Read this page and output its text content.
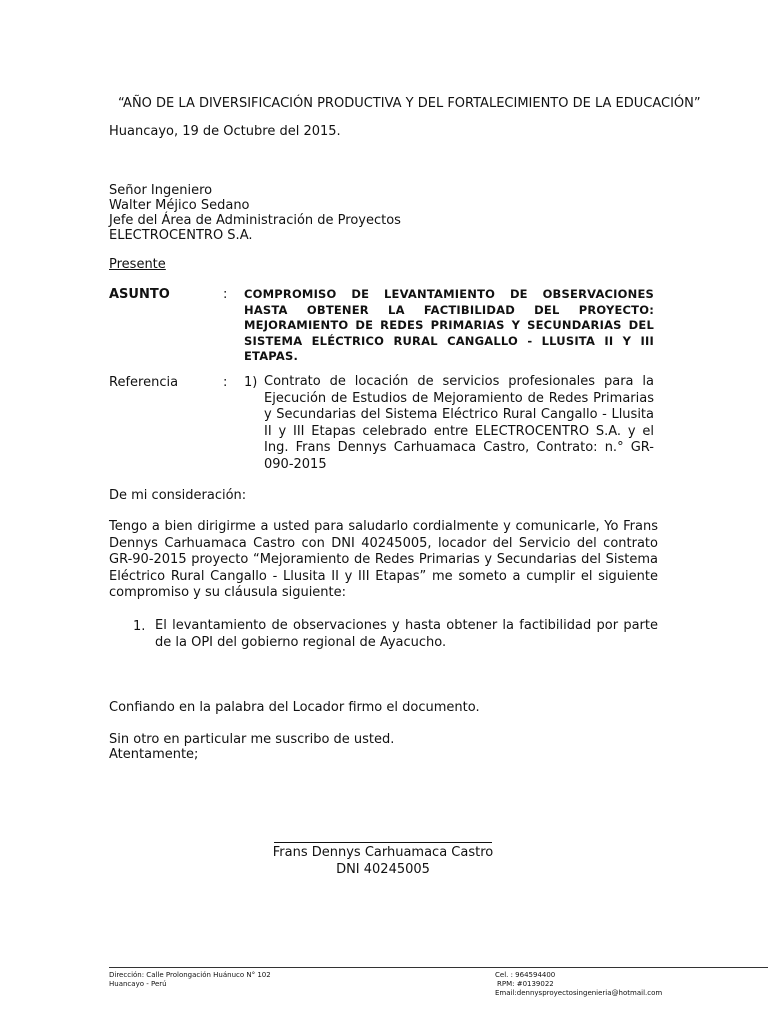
“AÑO DE LA DIVERSIFICACIÓN PRODUCTIVA Y DEL FORTALECIMIENTO DE LA EDUCACIÓN”
Huancayo, 19 de Octubre del 2015.
Señor Ingeniero
Walter Méjico Sedano
Jefe del Área de Administración de Proyectos
ELECTROCENTRO S.A.
Presente
ASUNTO	: COMPROMISO DE LEVANTAMIENTO DE OBSERVACIONES HASTA OBTENER LA FACTIBILIDAD DEL PROYECTO: MEJORAMIENTO DE REDES PRIMARIAS Y SECUNDARIAS DEL SISTEMA ELÉCTRICO RURAL CANGALLO - LLUSITA II Y III ETAPAS.
Referencia	: 1) Contrato de locación de servicios profesionales para la Ejecución de Estudios de Mejoramiento de Redes Primarias y Secundarias del Sistema Eléctrico Rural Cangallo - Llusita II y III Etapas celebrado entre ELECTROCENTRO S.A. y el Ing. Frans Dennys Carhuamaca Castro, Contrato: n.° GR-090-2015
De mi consideración:
Tengo a bien dirigirme a usted para saludarlo cordialmente y comunicarle, Yo Frans Dennys Carhuamaca Castro con DNI 40245005, locador del Servicio del contrato GR-90-2015 proyecto “Mejoramiento de Redes Primarias y Secundarias del Sistema Eléctrico Rural Cangallo - Llusita II y III Etapas” me someto a cumplir el siguiente compromiso y su cláusula siguiente:
1. El levantamiento de observaciones y hasta obtener la factibilidad por parte de la OPI del gobierno regional de Ayacucho.
Confiando en la palabra del Locador firmo el documento.
Sin otro en particular me suscribo de usted.
Atentamente;
Frans Dennys Carhuamaca Castro
DNI 40245005
Dirección: Calle Prolongación Huánuco N° 102
Huancayo - Perú
Cel. : 964594400
RPM: #0139022
Email:dennysproyectosingenieria@hotmail.com
